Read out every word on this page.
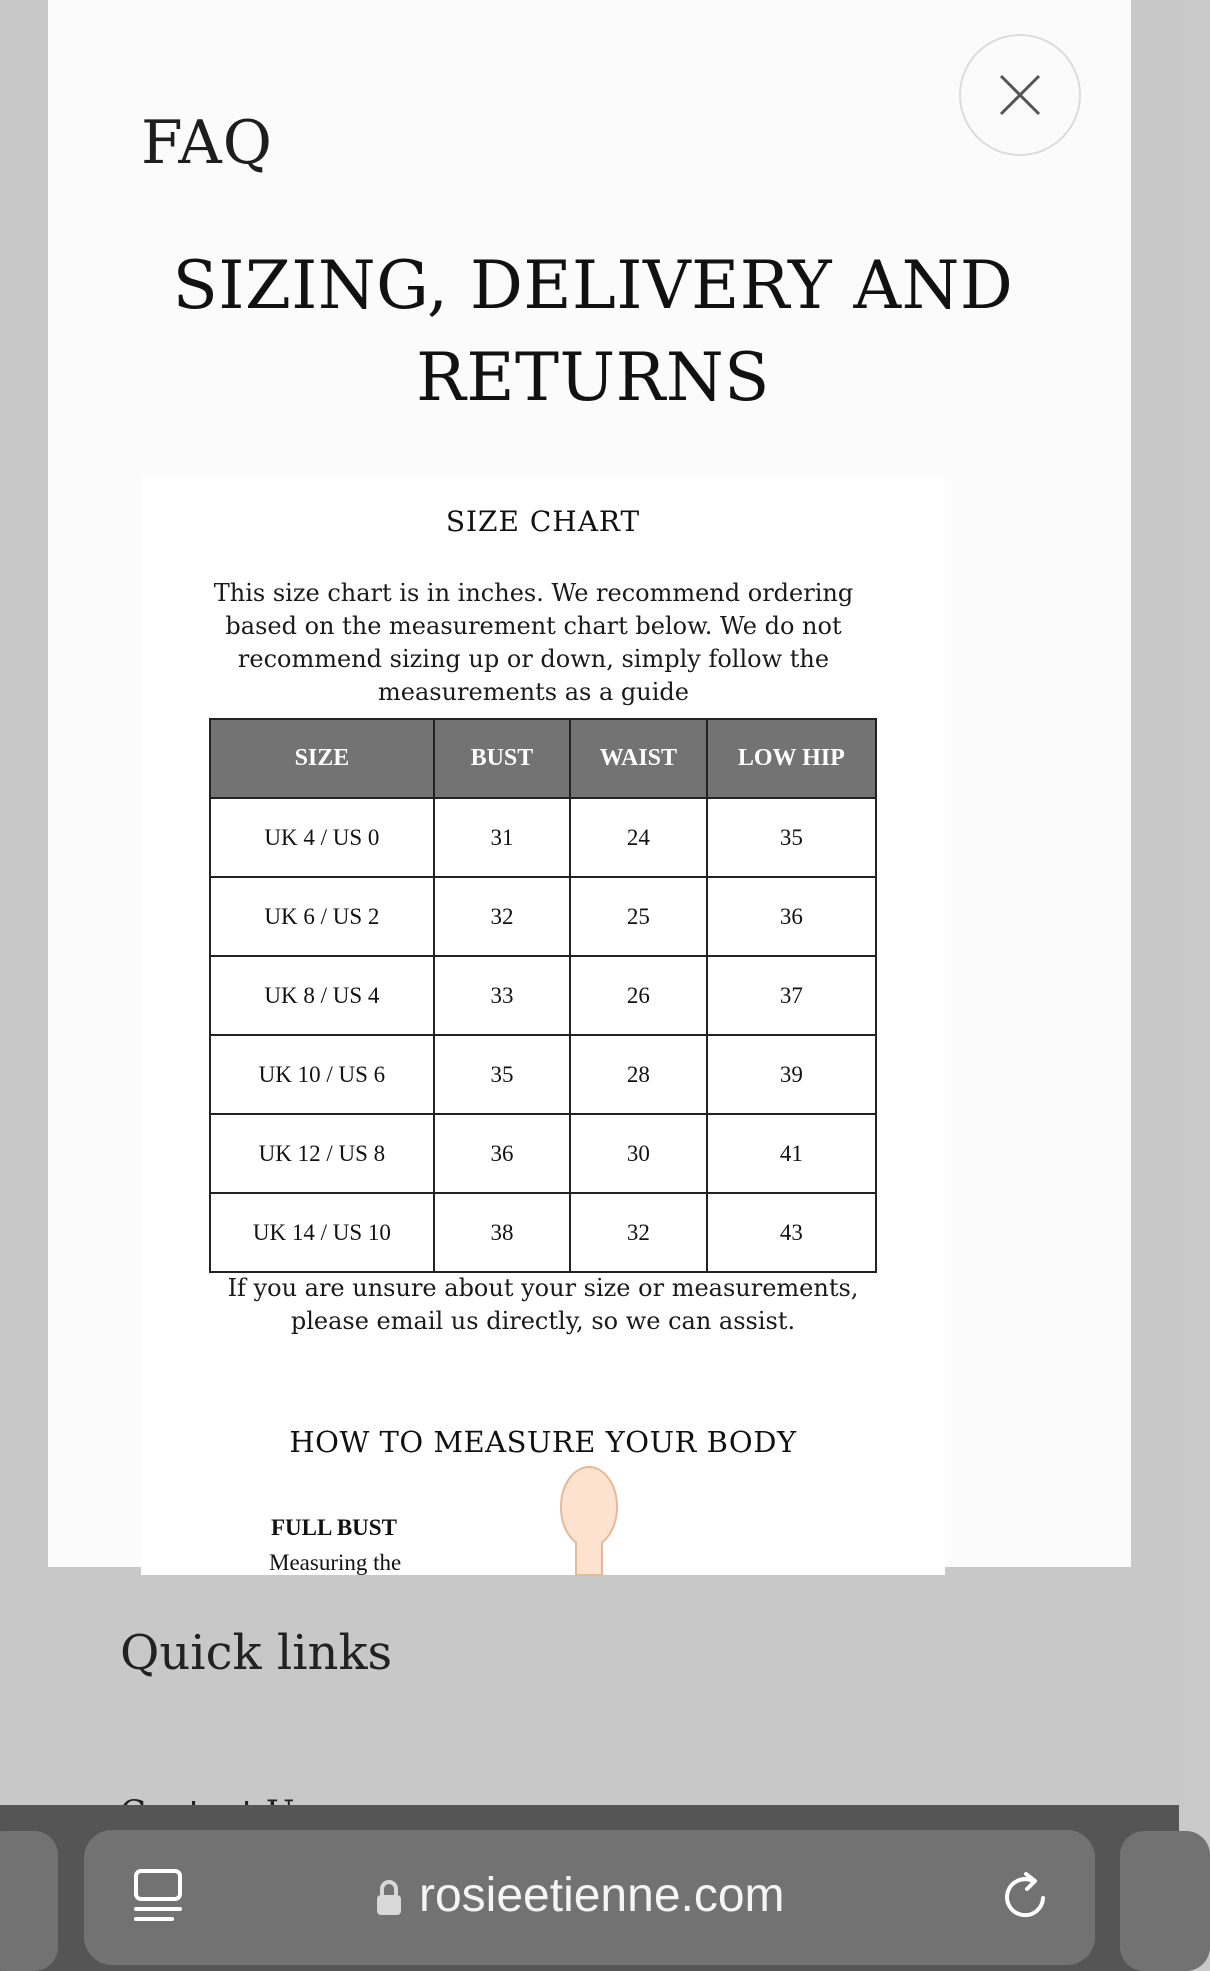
Quick links
FAQ
SIZING, DELIVERY AND
RETURNS
SIZE CHART
This size chart is in inches. We recommend ordering based on the measurement chart below. We do not recommend sizing up or down, simply follow the measurements as a guide
SIZE	BUST	WAIST	LOW HIP
UK 4 / US 0	31	24	35
UK 6 / US 2	32	25	36
UK 8 / US 4	33	26	37
UK 10 / US 6	35	28	39
UK 12 / US 8	36	30	41
UK 14 / US 10	38	32	43
If you are unsure about your size or measurements, please email us directly, so we can assist.
HOW TO MEASURE YOUR BODY
FULL BUST
Measuring the
rosieetienne.com
